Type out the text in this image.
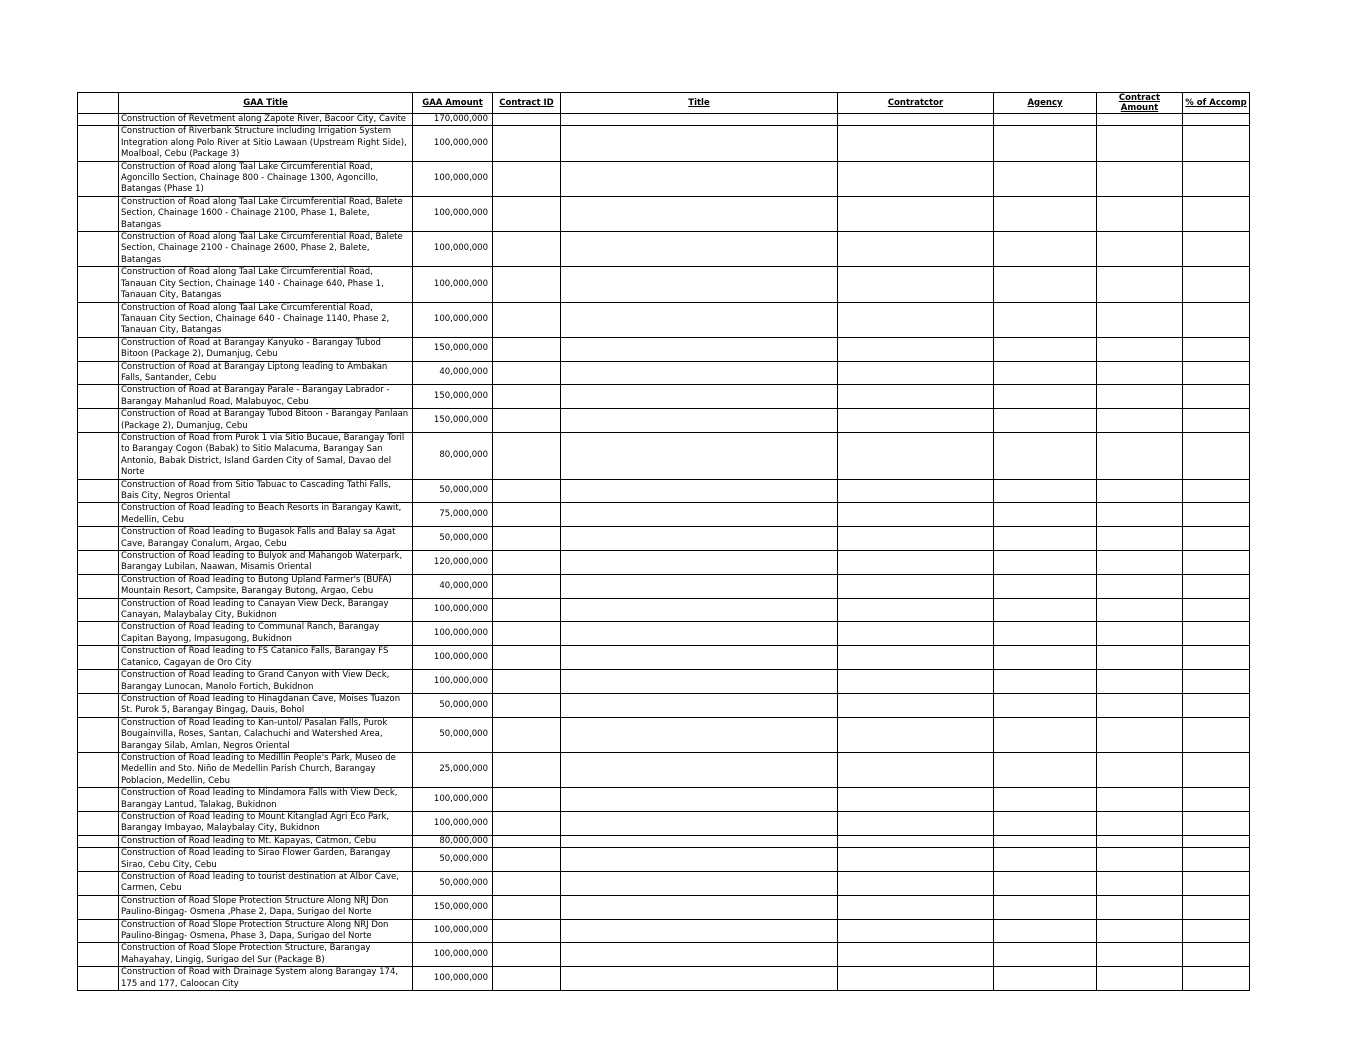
	GAA Title	GAA Amount	Contract ID	Title	Contratctor	Agency	Contract Amount	% of Accomp
	Construction of Revetment along Zapote River, Bacoor City, Cavite	170,000,000						
	Construction of Riverbank Structure including Irrigation System Integration along Polo River at Sitio Lawaan (Upstream Right Side), Moalboal, Cebu (Package 3)	100,000,000						
	Construction of Road along Taal Lake Circumferential Road, Agoncillo Section, Chainage 800 - Chainage 1300, Agoncillo, Batangas (Phase 1)	100,000,000						
	Construction of Road along Taal Lake Circumferential Road, Balete Section, Chainage 1600 - Chainage 2100, Phase 1, Balete, Batangas	100,000,000						
	Construction of Road along Taal Lake Circumferential Road, Balete Section, Chainage 2100 - Chainage 2600, Phase 2, Balete, Batangas	100,000,000						
	Construction of Road along Taal Lake Circumferential Road, Tanauan City Section, Chainage 140 - Chainage 640, Phase 1, Tanauan City, Batangas	100,000,000						
	Construction of Road along Taal Lake Circumferential Road, Tanauan City Section, Chainage 640 - Chainage 1140, Phase 2, Tanauan City, Batangas	100,000,000						
	Construction of Road at Barangay Kanyuko - Barangay Tubod Bitoon (Package 2), Dumanjug, Cebu	150,000,000						
	Construction of Road at Barangay Liptong leading to Ambakan Falls, Santander, Cebu	40,000,000						
	Construction of Road at Barangay Parale - Barangay Labrador - Barangay Mahanlud Road, Malabuyoc, Cebu	150,000,000						
	Construction of Road at Barangay Tubod Bitoon - Barangay Panlaan (Package 2), Dumanjug, Cebu	150,000,000						
	Construction of Road from Purok 1 via Sitio Bucaue, Barangay Toril to Barangay Cogon (Babak) to Sitio Malacuma, Barangay San Antonio, Babak District, Island Garden City of Samal, Davao del Norte	80,000,000						
	Construction of Road from Sitio Tabuac to Cascading Tathi Falls, Bais City, Negros Oriental	50,000,000						
	Construction of Road leading to Beach Resorts in Barangay Kawit, Medellin, Cebu	75,000,000						
	Construction of Road leading to Bugasok Falls and Balay sa Agat Cave, Barangay Conalum, Argao, Cebu	50,000,000						
	Construction of Road leading to Bulyok and Mahangob Waterpark, Barangay Lubilan, Naawan, Misamis Oriental	120,000,000						
	Construction of Road leading to Butong Upland Farmer's (BUFA) Mountain Resort, Campsite, Barangay Butong, Argao, Cebu	40,000,000						
	Construction of Road leading to Canayan View Deck, Barangay Canayan, Malaybalay City, Bukidnon	100,000,000						
	Construction of Road leading to Communal Ranch, Barangay Capitan Bayong, Impasugong, Bukidnon	100,000,000						
	Construction of Road leading to FS Catanico Falls, Barangay FS Catanico, Cagayan de Oro City	100,000,000						
	Construction of Road leading to Grand Canyon with View Deck, Barangay Lunocan, Manolo Fortich, Bukidnon	100,000,000						
	Construction of Road leading to Hinagdanan Cave, Moises Tuazon St. Purok 5, Barangay Bingag, Dauis, Bohol	50,000,000						
	Construction of Road leading to Kan-untol/ Pasalan Falls, Purok Bougainvilla, Roses, Santan, Calachuchi and Watershed Area, Barangay Silab, Amlan, Negros Oriental	50,000,000						
	Construction of Road leading to Medillin People's Park, Museo de Medellin and Sto. Niño de Medellin Parish Church, Barangay Poblacion, Medellin, Cebu	25,000,000						
	Construction of Road leading to Mindamora Falls with View Deck, Barangay Lantud, Talakag, Bukidnon	100,000,000						
	Construction of Road leading to Mount Kitanglad Agri Eco Park, Barangay Imbayao, Malaybalay City, Bukidnon	100,000,000						
	Construction of Road leading to Mt. Kapayas, Catmon, Cebu	80,000,000						
	Construction of Road leading to Sirao Flower Garden, Barangay Sirao, Cebu City, Cebu	50,000,000						
	Construction of Road leading to tourist destination at Albor Cave, Carmen, Cebu	50,000,000						
	Construction of Road Slope Protection Structure Along NRJ Don Paulino-Bingag- Osmena ,Phase 2, Dapa, Surigao del Norte	150,000,000						
	Construction of Road Slope Protection Structure Along NRJ Don Paulino-Bingag- Osmena, Phase 3, Dapa, Surigao del Norte	100,000,000						
	Construction of Road Slope Protection Structure, Barangay Mahayahay, Lingig, Surigao del Sur (Package B)	100,000,000						
	Construction of Road with Drainage System along Barangay 174, 175 and 177, Caloocan City	100,000,000						
